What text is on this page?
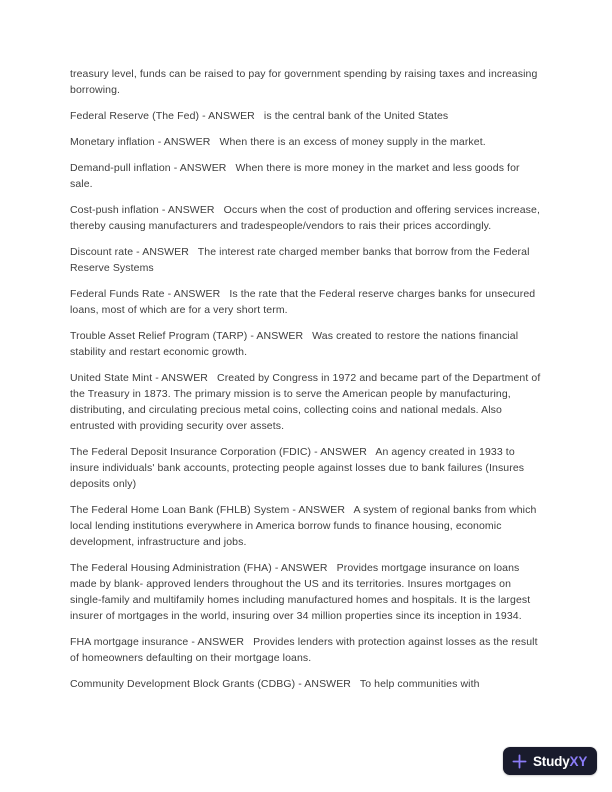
treasury level, funds can be raised to pay for government spending by raising taxes and increasing borrowing.

Federal Reserve (The Fed) - ANSWER   is the central bank of the United States

Monetary inflation - ANSWER   When there is an excess of money supply in the market.

Demand-pull inflation - ANSWER   When there is more money in the market and less goods for sale.

Cost-push inflation - ANSWER   Occurs when the cost of production and offering services increase, thereby causing manufacturers and tradespeople/vendors to rais their prices accordingly.

Discount rate - ANSWER   The interest rate charged member banks that borrow from the Federal Reserve Systems

Federal Funds Rate - ANSWER   Is the rate that the Federal reserve charges banks for unsecured loans, most of which are for a very short term.

Trouble Asset Relief Program (TARP) - ANSWER   Was created to restore the nations financial stability and restart economic growth.

United State Mint - ANSWER   Created by Congress in 1972 and became part of the Department of the Treasury in 1873. The primary mission is to serve the American people by manufacturing, distributing, and circulating precious metal coins, collecting coins and national medals. Also entrusted with providing security over assets.

The Federal Deposit Insurance Corporation (FDIC) - ANSWER   An agency created in 1933 to insure individuals' bank accounts, protecting people against losses due to bank failures (Insures deposits only)

The Federal Home Loan Bank (FHLB) System - ANSWER   A system of regional banks from which local lending institutions everywhere in America borrow funds to finance housing, economic development, infrastructure and jobs.

The Federal Housing Administration (FHA) - ANSWER   Provides mortgage insurance on loans made by blank- approved lenders throughout the US and its territories. Insures mortgages on single-family and multifamily homes including manufactured homes and hospitals. It is the largest insurer of mortgages in the world, insuring over 34 million properties since its inception in 1934.

FHA mortgage insurance - ANSWER   Provides lenders with protection against losses as the result of homeowners defaulting on their mortgage loans.

Community Development Block Grants (CDBG) - ANSWER   To help communities with

StudyXY
